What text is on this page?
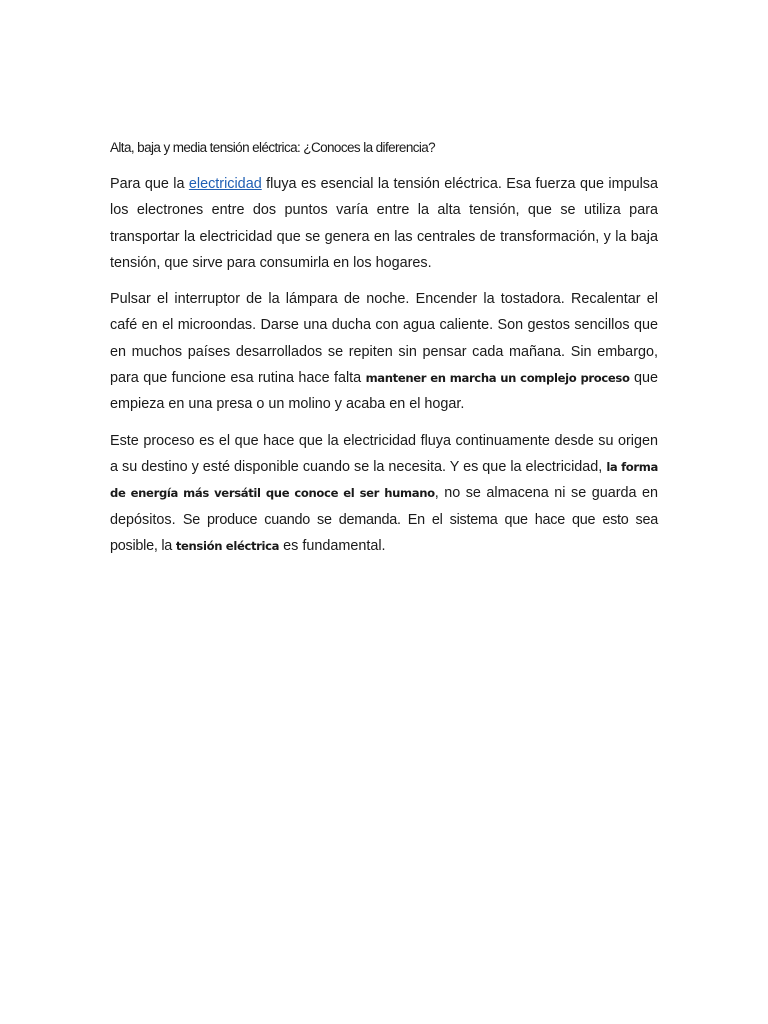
Alta, baja y media tensión eléctrica: ¿Conoces la diferencia?

Para que la electricidad fluya es esencial la tensión eléctrica. Esa fuerza que impulsa los electrones entre dos puntos varía entre la alta tensión, que se utiliza para transportar la electricidad que se genera en las centrales de transformación, y la baja tensión, que sirve para consumirla en los hogares.

Pulsar el interruptor de la lámpara de noche. Encender la tostadora. Recalentar el café en el microondas. Darse una ducha con agua caliente. Son gestos sencillos que en muchos países desarrollados se repiten sin pensar cada mañana. Sin embargo, para que funcione esa rutina hace falta mantener en marcha un complejo proceso que empieza en una presa o un molino y acaba en el hogar.

Este proceso es el que hace que la electricidad fluya continuamente desde su origen a su destino y esté disponible cuando se la necesita. Y es que la electricidad, la forma de energía más versátil que conoce el ser humano, no se almacena ni se guarda en depósitos. Se produce cuando se demanda. En el sistema que hace que esto sea posible, la tensión eléctrica es fundamental.
